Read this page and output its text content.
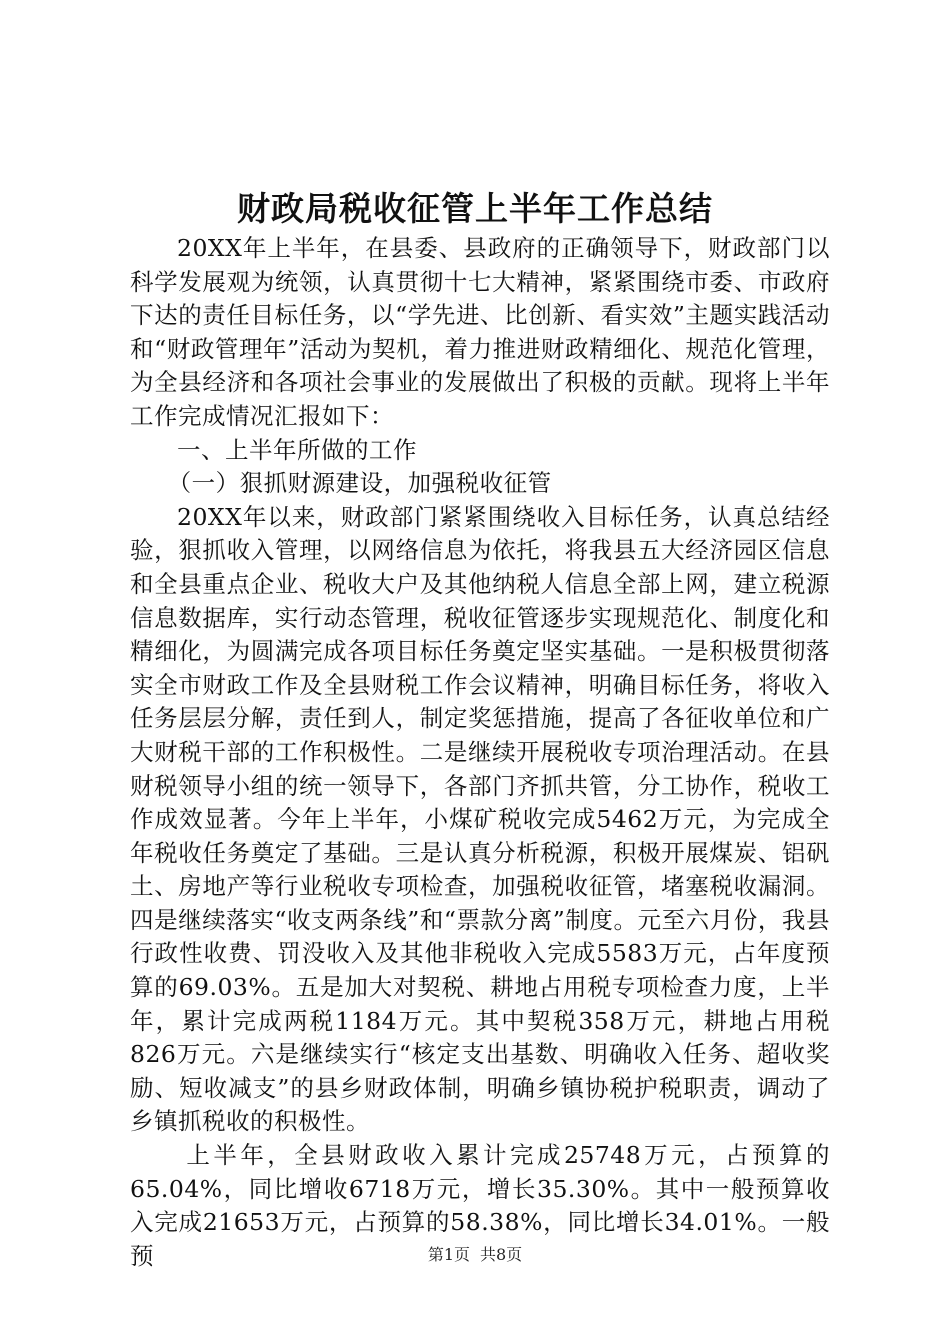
财政局税收征管上半年工作总结

20XX年上半年，在县委、县政府的正确领导下，财政部门以科学发展观为统领，认真贯彻十七大精神，紧紧围绕市委、市政府下达的责任目标任务，以“学先进、比创新、看实效”主题实践活动和“财政管理年”活动为契机，着力推进财政精细化、规范化管理，为全县经济和各项社会事业的发展做出了积极的贡献。现将上半年工作完成情况汇报如下：

一、上半年所做的工作

（一）狠抓财源建设，加强税收征管

20XX年以来，财政部门紧紧围绕收入目标任务，认真总结经验，狠抓收入管理，以网络信息为依托，将我县五大经济园区信息和全县重点企业、税收大户及其他纳税人信息全部上网，建立税源信息数据库，实行动态管理，税收征管逐步实现规范化、制度化和精细化，为圆满完成各项目标任务奠定坚实基础。一是积极贯彻落实全市财政工作及全县财税工作会议精神，明确目标任务，将收入任务层层分解，责任到人，制定奖惩措施，提高了各征收单位和广大财税干部的工作积极性。二是继续开展税收专项治理活动。在县财税领导小组的统一领导下，各部门齐抓共管，分工协作，税收工作成效显著。今年上半年，小煤矿税收完成5462万元，为完成全年税收任务奠定了基础。三是认真分析税源，积极开展煤炭、铝矾土、房地产等行业税收专项检查，加强税收征管，堵塞税收漏洞。四是继续落实“收支两条线”和“票款分离”制度。元至六月份，我县行政性收费、罚没收入及其他非税收入完成5583万元，占年度预算的69.03%。五是加大对契税、耕地占用税专项检查力度，上半年，累计完成两税1184万元。其中契税358万元，耕地占用税826万元。六是继续实行“核定支出基数、明确收入任务、超收奖励、短收减支”的县乡财政体制，明确乡镇协税护税职责，调动了乡镇抓税收的积极性。

上半年，全县财政收入累计完成25748万元，占预算的65.04%，同比增收6718万元，增长35.30%。其中一般预算收入完成21653万元，占预算的58.38%，同比增长34.01%。一般预	第1页 共8页
